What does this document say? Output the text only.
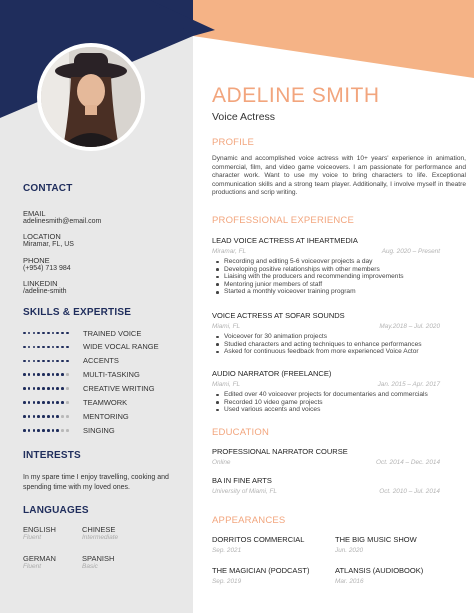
CONTACT
EMAIL
adelinesmith@email.com
LOCATION
Miramar, FL, US
PHONE
(+954) 713 984
LINKEDIN
/adeline-smith
SKILLS & EXPERTISE
TRAINED VOICE
WIDE VOCAL RANGE
ACCENTS
MULTI-TASKING
CREATIVE WRITING
TEAMWORK
MENTORING
SINGING
INTERESTS
In my spare time I enjoy travelling, cooking and spending time with my loved ones.
LANGUAGES
ENGLISH
Fluent
CHINESE
Intermediate
GERMAN
Fluent
SPANISH
Basic
ADELINE SMITH
Voice Actress
PROFILE
Dynamic and accomplished voice actress with 10+ years' experience in animation, commercial, film, and video game voiceovers. I am passionate for performance and character work. Want to use my voice to bring characters to life. Exceptional communication skills and a strong team player. Additionally, I involve myself in theatre productions and scrip writing.
PROFESSIONAL EXPERIENCE
LEAD VOICE ACTRESS AT IHEARTMEDIA
Miramar, FL	Aug. 2020 – Present
Recording and editing 5-6 voiceover projects a day
Developing positive relationships with other members
Liaising with the producers and recommending improvements
Mentoring junior members of staff
Started a monthly voiceover training program
VOICE ACTRESS AT SOFAR SOUNDS
Miami, FL	May.2018 – Jul. 2020
Voiceover for 30 animation projects
Studied characters and acting techniques to enhance performances
Asked for continuous feedback from more experienced Voice Actor
AUDIO NARRATOR (FREELANCE)
Miami, FL	Jan. 2015 – Apr. 2017
Edited over 40 voiceover projects for documentaries and commercials
Recorded 10 video game projects
Used various accents and voices
EDUCATION
PROFESSIONAL NARRATOR COURSE
Online	Oct. 2014 – Dec. 2014
BA IN FINE ARTS
University of Miami, FL	Oct. 2010 – Jul. 2014
APPEARANCES
DORRITOS COMMERCIAL
Sep. 2021
THE BIG MUSIC SHOW
Jun. 2020
THE MAGICIAN (PODCAST)
Sep. 2019
ATLANSIS (AUDIOBOOK)
Mar. 2016
